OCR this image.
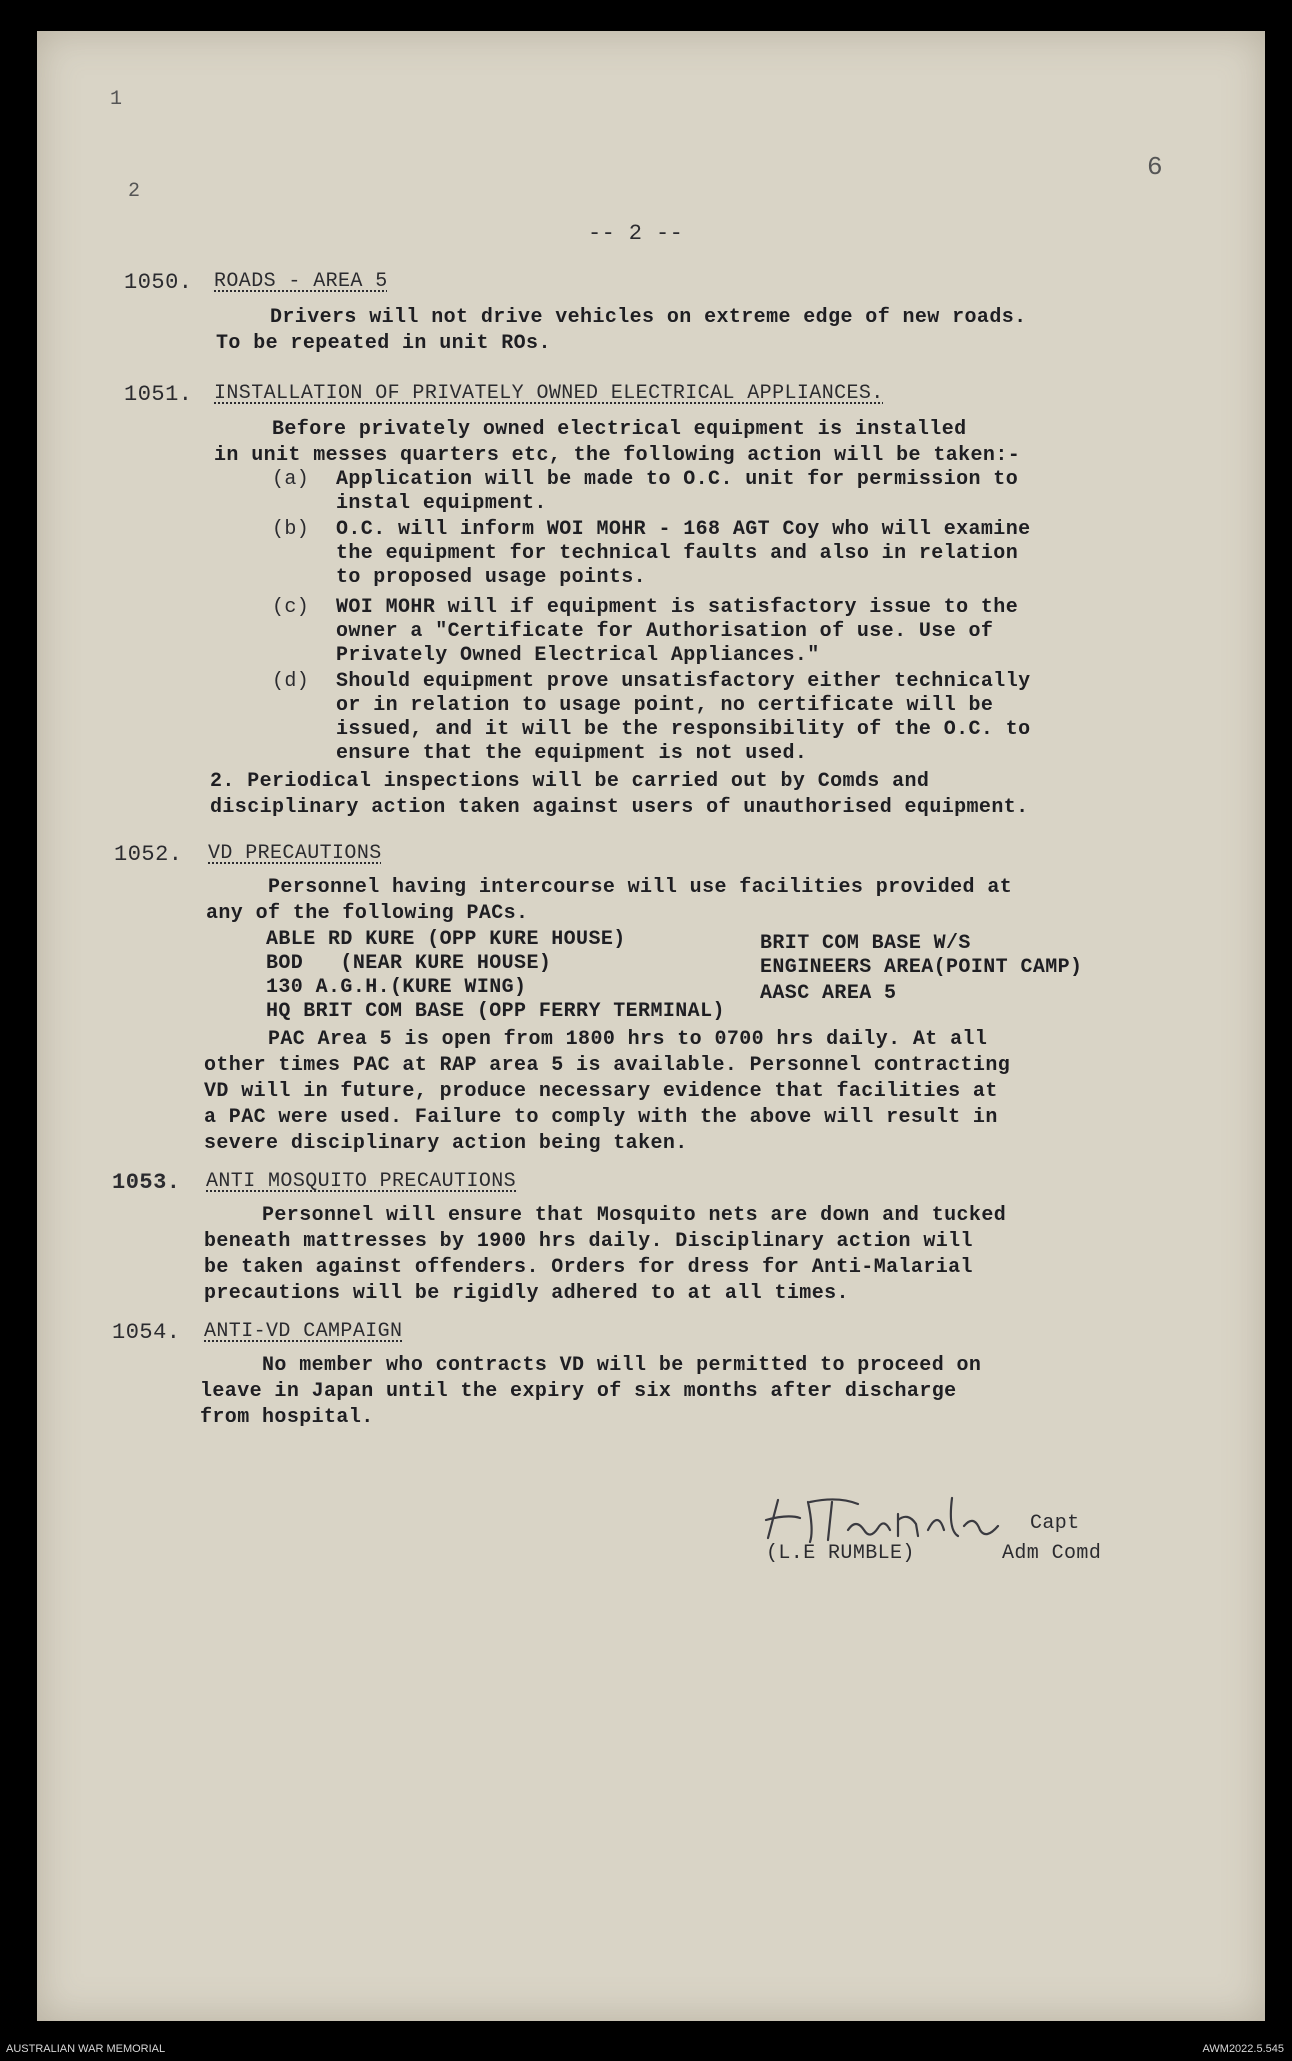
1
2
6
-- 2 --
1050. ROADS - AREA 5
Drivers will not drive vehicles on extreme edge of new roads.
To be repeated in unit ROs.
1051. INSTALLATION OF PRIVATELY OWNED ELECTRICAL APPLIANCES.
Before privately owned electrical equipment is installed
in unit messes quarters etc, the following action will be taken:-
(a) Application will be made to O.C. unit for permission to
instal equipment.
(b) O.C. will inform WOI MOHR - 168 AGT Coy who will examine
the equipment for technical faults and also in relation
to proposed usage points.
(c) WOI MOHR will if equipment is satisfactory issue to the
owner a "Certificate for Authorisation of use. Use of
Privately Owned Electrical Appliances."
(d) Should equipment prove unsatisfactory either technically
or in relation to usage point, no certificate will be
issued, and it will be the responsibility of the O.C. to
ensure that the equipment is not used.
2. Periodical inspections will be carried out by Comds and
disciplinary action taken against users of unauthorised equipment.
1052. VD PRECAUTIONS
Personnel having intercourse will use facilities provided at
any of the following PACs.
ABLE RD KURE (OPP KURE HOUSE)
BOD   (NEAR KURE HOUSE)
130 A.G.H.(KURE WING)
HQ BRIT COM BASE (OPP FERRY TERMINAL)
BRIT COM BASE W/S
ENGINEERS AREA(POINT CAMP)
AASC AREA 5
PAC Area 5 is open from 1800 hrs to 0700 hrs daily. At all
other times PAC at RAP area 5 is available. Personnel contracting
VD will in future, produce necessary evidence that facilities at
a PAC were used. Failure to comply with the above will result in
severe disciplinary action being taken.
1053. ANTI MOSQUITO PRECAUTIONS
Personnel will ensure that Mosquito nets are down and tucked
beneath mattresses by 1900 hrs daily. Disciplinary action will
be taken against offenders. Orders for dress for Anti-Malarial
precautions will be rigidly adhered to at all times.
1054. ANTI-VD CAMPAIGN
No member who contracts VD will be permitted to proceed on
leave in Japan until the expiry of six months after discharge
from hospital.
Capt
(L.E RUMBLE)	Adm Comd
AUSTRALIAN WAR MEMORIAL	AWM2022.5.545
